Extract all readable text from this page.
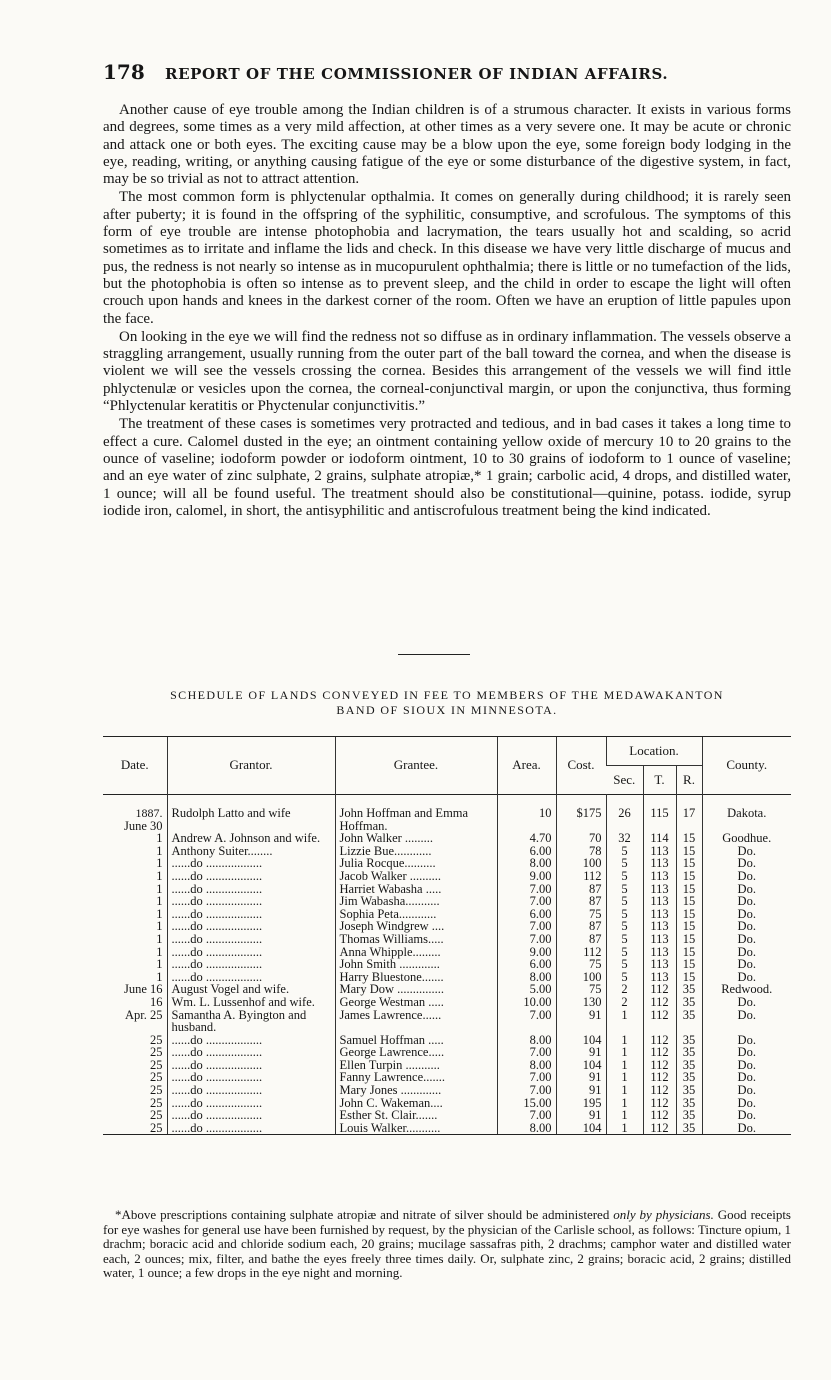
178	REPORT OF THE COMMISSIONER OF INDIAN AFFAIRS.

Another cause of eye trouble among the Indian children is of a strumous character. It exists in various forms and degrees, some times as a very mild affection, at other times as a very severe one. It may be acute or chronic and attack one or both eyes. The exciting cause may be a blow upon the eye, some foreign body lodging in the eye, reading, writing, or anything causing fatigue of the eye or some disturbance of the digestive system, in fact, may be so trivial as not to attract attention.

The most common form is phlyctenular opthalmia. It comes on generally during childhood; it is rarely seen after puberty; it is found in the offspring of the syphilitic, consumptive, and scrofulous. The symptoms of this form of eye trouble are intense photophobia and lacrymation, the tears usually hot and scalding, so acrid sometimes as to irritate and inflame the lids and check. In this disease we have very little discharge of mucus and pus, the redness is not nearly so intense as in mucopurulent ophthalmia; there is little or no tumefaction of the lids, but the photophobia is often so intense as to prevent sleep, and the child in order to escape the light will often crouch upon hands and knees in the darkest corner of the room. Often we have an eruption of little papules upon the face.

On looking in the eye we will find the redness not so diffuse as in ordinary inflammation. The vessels observe a straggling arrangement, usually running from the outer part of the ball toward the cornea, and when the disease is violent we will see the vessels crossing the cornea. Besides this arrangement of the vessels we will find ittle phlyctenulæ or vesicles upon the cornea, the corneal-conjunctival margin, or upon the conjunctiva, thus forming “Phlyctenular keratitis or Phyctenular conjunctivitis.”

The treatment of these cases is sometimes very protracted and tedious, and in bad cases it takes a long time to effect a cure. Calomel dusted in the eye; an ointment containing yellow oxide of mercury 10 to 20 grains to the ounce of vaseline; iodoform powder or iodoform ointment, 10 to 30 grains of iodoform to 1 ounce of vaseline; and an eye water of zinc sulphate, 2 grains, sulphate atropiæ,* 1 grain; carbolic acid, 4 drops, and distilled water, 1 ounce; will all be found useful. The treatment should also be constitutional—quinine, potass. iodide, syrup iodide iron, calomel, in short, the antisyphilitic and antiscrofulous treatment being the kind indicated.

SCHEDULE OF LANDS CONVEYED IN FEE TO MEMBERS OF THE MEDAWAKANTON
BAND OF SIOUX IN MINNESOTA.
Date.	Grantor.	Grantee.	Area.	Cost.	Location.			County.
					Sec.	T.	R.	

1887.
June 30	Rudolph Latto and wife	John Hoffman and Emma Hoffman.	10	$175	26	115	17	Dakota.
1	Andrew A. Johnson and wife.	John Walker .........	4.70	70	32	114	15	Goodhue.
1	Anthony Suiter........	Lizzie Bue............	6.00	78	5	113	15	Do.
1	......do ..................	Julia Rocque..........	8.00	100	5	113	15	Do.
1	......do ..................	Jacob Walker ..........	9.00	112	5	113	15	Do.
1	......do ..................	Harriet Wabasha .....	7.00	87	5	113	15	Do.
1	......do ..................	Jim Wabasha...........	7.00	87	5	113	15	Do.
1	......do ..................	Sophia Peta............	6.00	75	5	113	15	Do.
1	......do ..................	Joseph Windgrew ....	7.00	87	5	113	15	Do.
1	......do ..................	Thomas Williams.....	7.00	87	5	113	15	Do.
1	......do ..................	Anna Whipple.........	9.00	112	5	113	15	Do.
1	......do ..................	John Smith .............	6.00	75	5	113	15	Do.
1	......do ..................	Harry Bluestone.......	8.00	100	5	113	15	Do.
June 16	August Vogel and wife.	Mary Dow ...............	5.00	75	2	112	35	Redwood.
16	Wm. L. Lussenhof and wife.	George Westman .....	10.00	130	2	112	35	Do.
Apr. 25	Samantha A. Byington and husband.	James Lawrence......	7.00	91	1	112	35	Do.
25	......do ..................	Samuel Hoffman .....	8.00	104	1	112	35	Do.
25	......do ..................	George Lawrence.....	7.00	91	1	112	35	Do.
25	......do ..................	Ellen Turpin ...........	8.00	104	1	112	35	Do.
25	......do ..................	Fanny Lawrence.......	7.00	91	1	112	35	Do.
25	......do ..................	Mary Jones .............	7.00	91	1	112	35	Do.
25	......do ..................	John C. Wakeman....	15.00	195	1	112	35	Do.
25	......do ..................	Esther St. Clair.......	7.00	91	1	112	35	Do.
25	......do ..................	Louis Walker...........	8.00	104	1	112	35	Do.
*Above prescriptions containing sulphate atropiæ and nitrate of silver should be administered only by physicians. Good receipts for eye washes for general use have been furnished by request, by the physician of the Carlisle school, as follows: Tincture opium, 1 drachm; boracic acid and chloride sodium each, 20 grains; mucilage sassafras pith, 2 drachms; camphor water and distilled water each, 2 ounces; mix, filter, and bathe the eyes freely three times daily. Or, sulphate zinc, 2 grains; boracic acid, 2 grains; distilled water, 1 ounce; a few drops in the eye night and morning.
